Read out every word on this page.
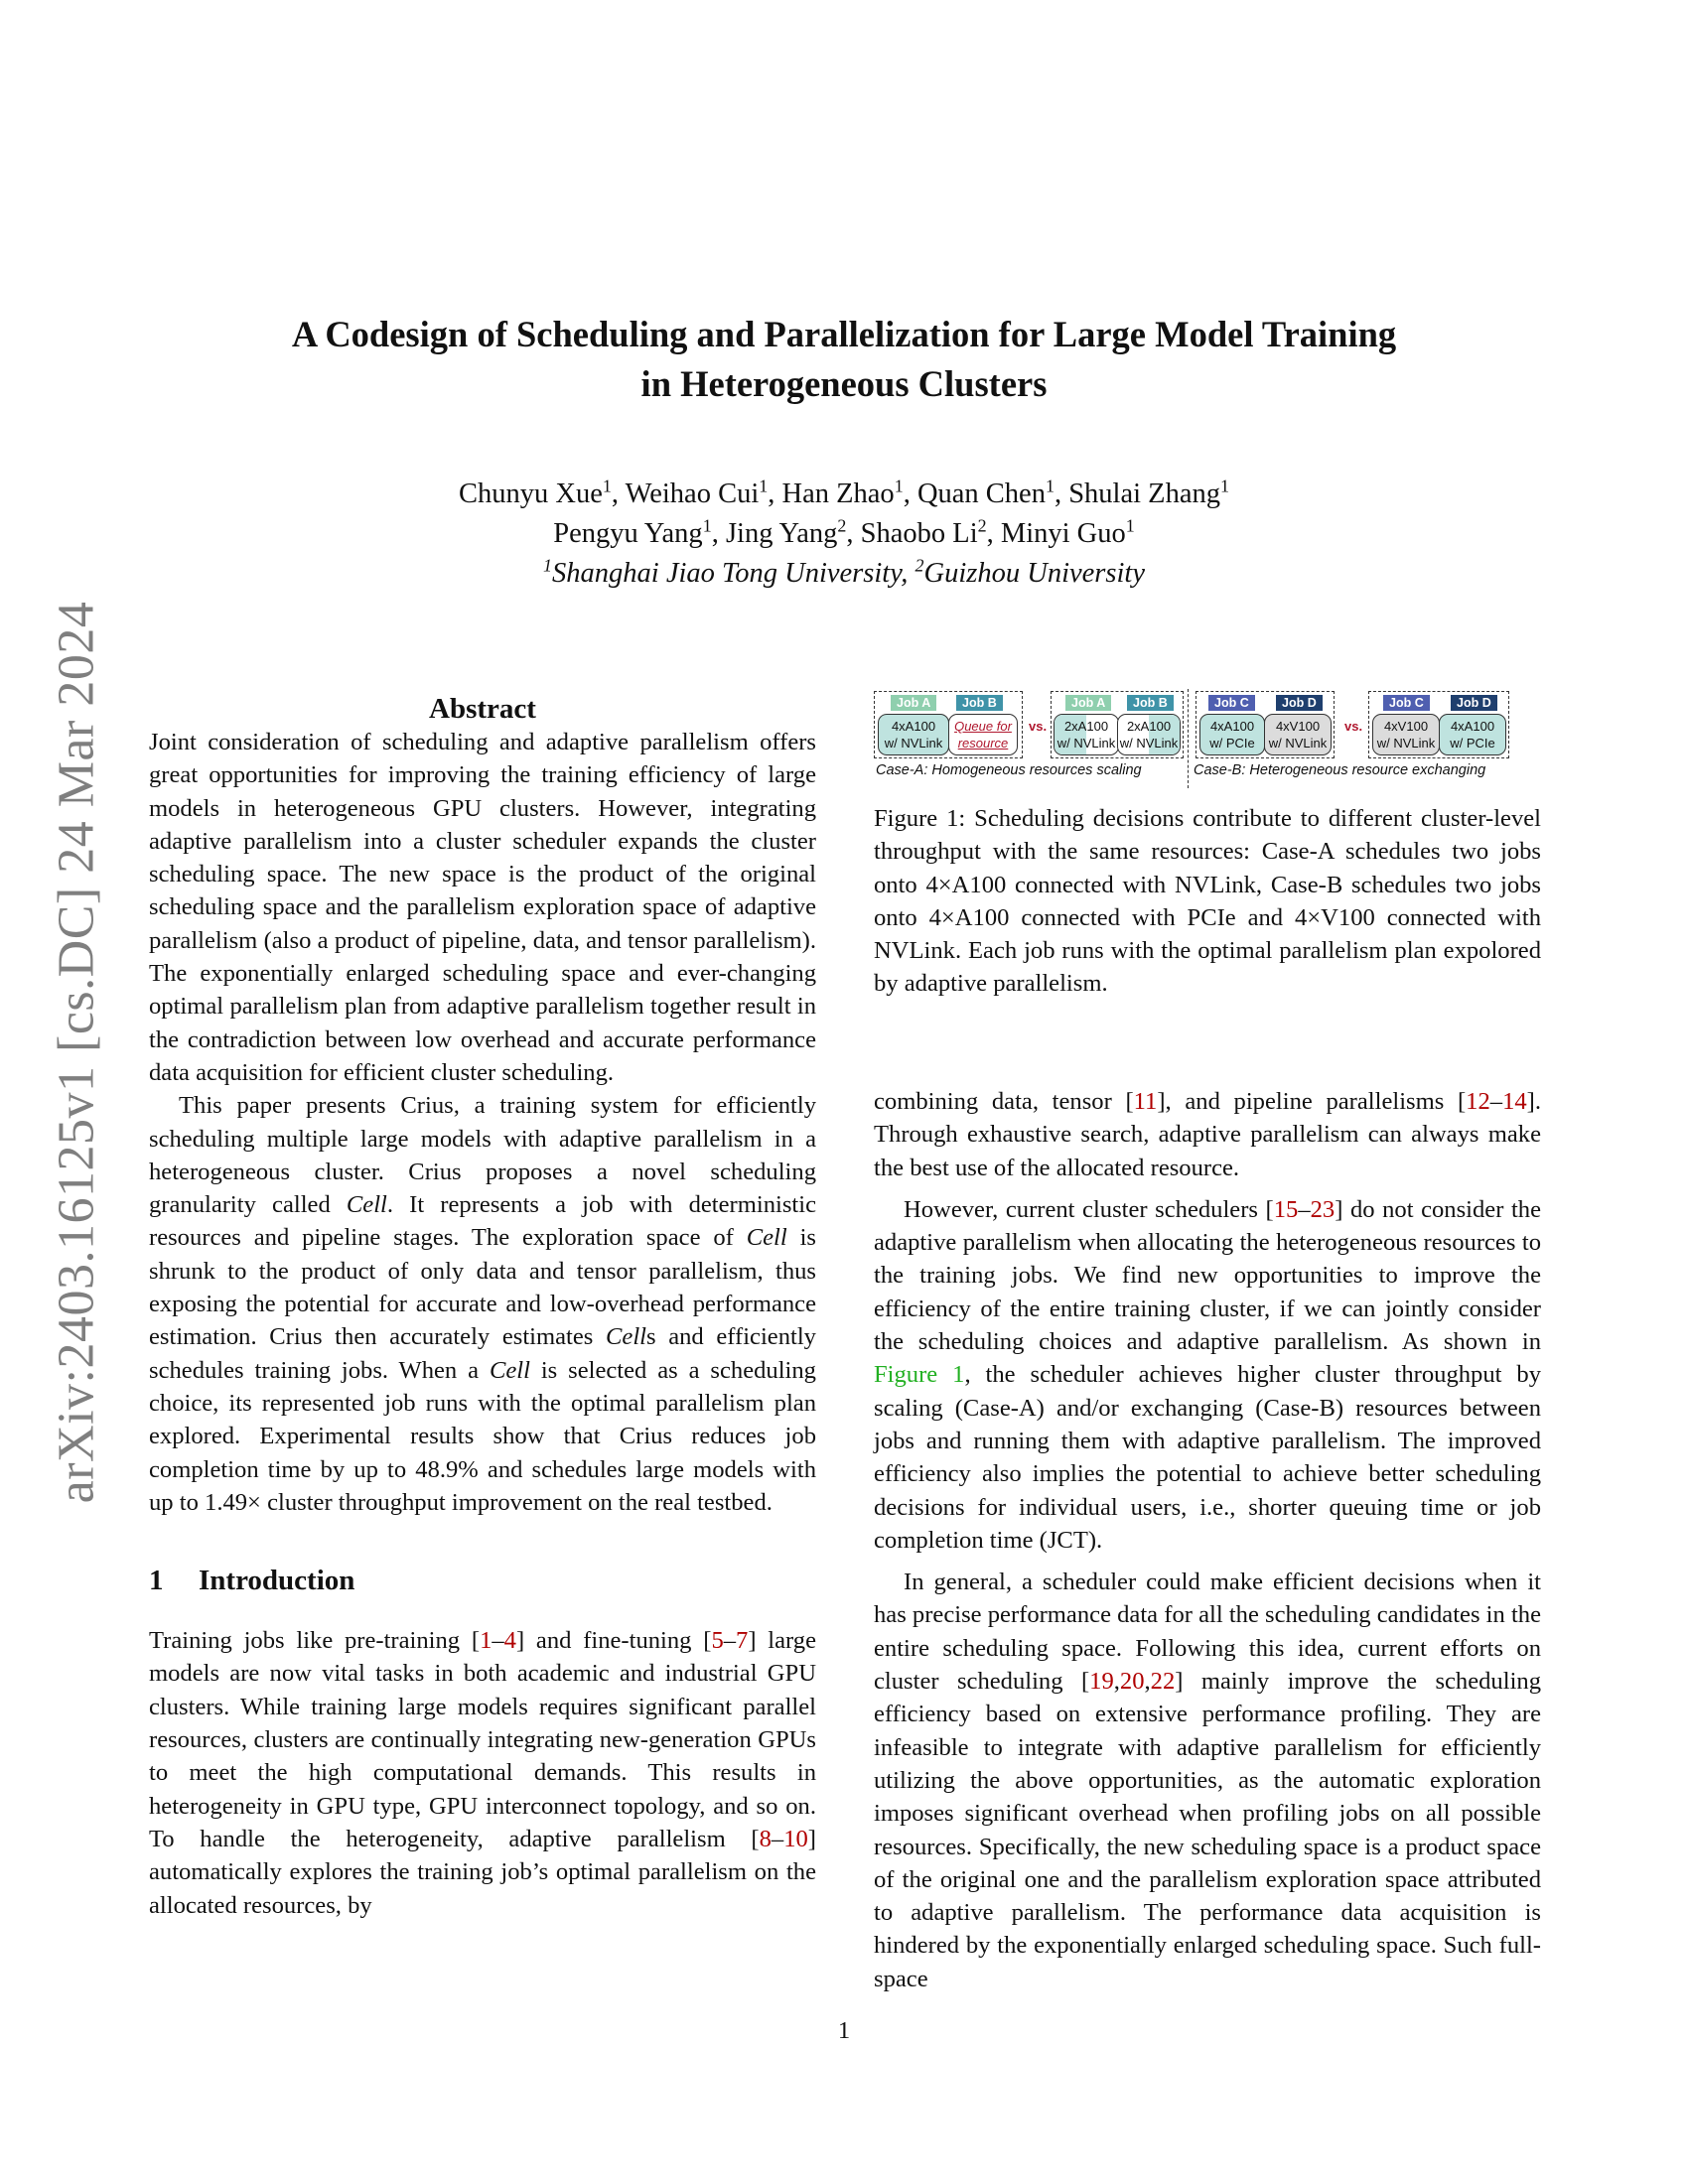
arXiv:2403.16125v1 [cs.DC] 24 Mar 2024
A Codesign of Scheduling and Parallelization for Large Model Training
in Heterogeneous Clusters
Chunyu Xue$^1$, Weihao Cui$^1$, Han Zhao$^1$, Quan Chen$^1$, Shulai Zhang$^1$
Pengyu Yang$^1$, Jing Yang$^2$, Shaobo Li$^2$, Minyi Guo$^1$
$^1$Shanghai Jiao Tong University, $^2$Guizhou University
Abstract

Joint consideration of scheduling and adaptive parallelism offers great opportunities for improving the training efficiency of large models in heterogeneous GPU clusters. However, integrating adaptive parallelism into a cluster scheduler expands the cluster scheduling space. The new space is the product of the original scheduling space and the parallelism exploration space of adaptive parallelism (also a product of pipeline, data, and tensor parallelism). The exponentially enlarged scheduling space and ever-changing optimal parallelism plan from adaptive parallelism together result in the contradiction between low overhead and accurate performance data acquisition for efficient cluster scheduling.

This paper presents Crius, a training system for efficiently scheduling multiple large models with adaptive parallelism in a heterogeneous cluster. Crius proposes a novel scheduling granularity called Cell. It represents a job with deterministic resources and pipeline stages. The exploration space of Cell is shrunk to the product of only data and tensor parallelism, thus exposing the potential for accurate and low-overhead performance estimation. Crius then accurately estimates Cells and efficiently schedules training jobs. When a Cell is selected as a scheduling choice, its represented job runs with the optimal parallelism plan explored. Experimental results show that Crius reduces job completion time by up to 48.9% and schedules large models with up to 1.49× cluster throughput improvement on the real testbed.

1 Introduction

Training jobs like pre-training [1–4] and fine-tuning [5–7] large models are now vital tasks in both academic and industrial GPU clusters. While training large models requires significant parallel resources, clusters are continually integrating new-generation GPUs to meet the high computational demands. This results in heterogeneity in GPU type, GPU interconnect topology, and so on. To handle the heterogeneity, adaptive parallelism [8–10] automatically explores the training job’s optimal parallelism on the allocated resources, by

Job A	Job B
4xA100
w/ NVLink
Queue for
resource
vs.
Job A	Job B
2xA100
w/ NVLink
2xA100
w/ NVLink
Job C	Job D
4xA100
w/ PCIe
4xV100
w/ NVLink
vs.
Job C	Job D
4xV100
w/ NVLink
4xA100
w/ PCIe
Case-A: Homogeneous resources scaling	Case-B: Heterogeneous resource exchanging
Figure 1: Scheduling decisions contribute to different cluster-level throughput with the same resources: Case-A schedules two jobs onto 4×A100 connected with NVLink, Case-B schedules two jobs onto 4×A100 connected with PCIe and 4×V100 connected with NVLink. Each job runs with the optimal parallelism plan expolored by adaptive parallelism.

combining data, tensor [11], and pipeline parallelisms [12–14]. Through exhaustive search, adaptive parallelism can always make the best use of the allocated resource.

However, current cluster schedulers [15–23] do not consider the adaptive parallelism when allocating the heterogeneous resources to the training jobs. We find new opportunities to improve the efficiency of the entire training cluster, if we can jointly consider the scheduling choices and adaptive parallelism. As shown in Figure 1, the scheduler achieves higher cluster throughput by scaling (Case-A) and/or exchanging (Case-B) resources between jobs and running them with adaptive parallelism. The improved efficiency also implies the potential to achieve better scheduling decisions for individual users, i.e., shorter queuing time or job completion time (JCT).

In general, a scheduler could make efficient decisions when it has precise performance data for all the scheduling candidates in the entire scheduling space. Following this idea, current efforts on cluster scheduling [19,20,22] mainly improve the scheduling efficiency based on extensive performance profiling. They are infeasible to integrate with adaptive parallelism for efficiently utilizing the above opportunities, as the automatic exploration imposes significant overhead when profiling jobs on all possible resources. Specifically, the new scheduling space is a product space of the original one and the parallelism exploration space attributed to adaptive parallelism. The performance data acquisition is hindered by the exponentially enlarged scheduling space. Such full-space

1
